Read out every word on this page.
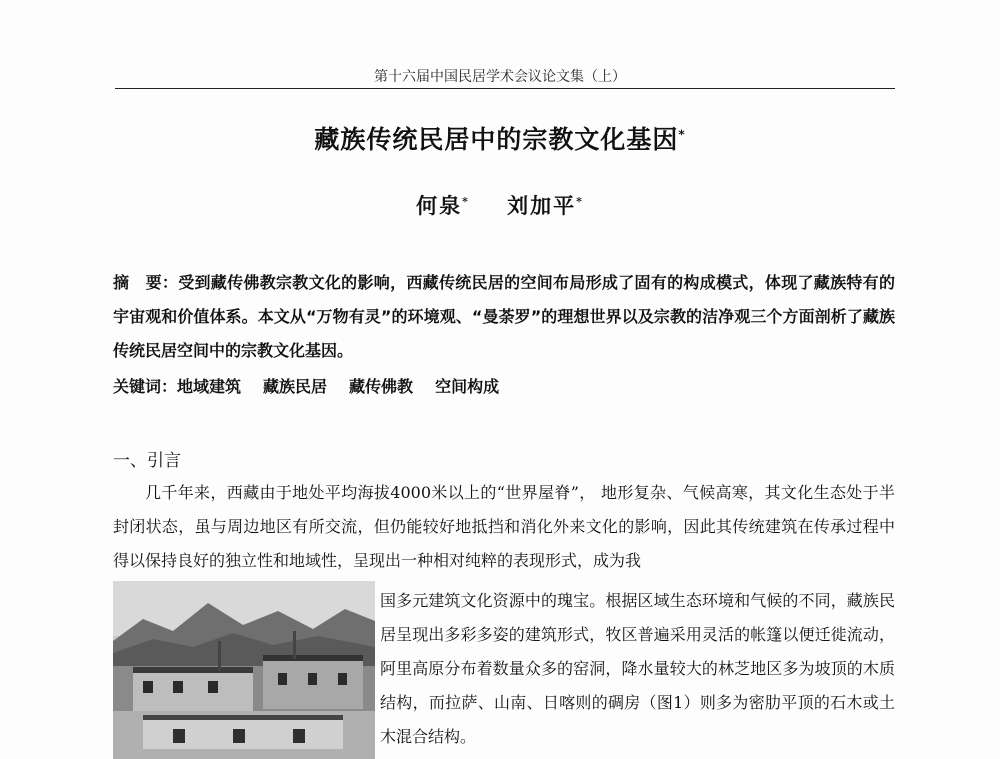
第十六届中国民居学术会议论文集（上）
藏族传统民居中的宗教文化基因*
何泉* 刘加平*
摘　要：受到藏传佛教宗教文化的影响，西藏传统民居的空间布局形成了固有的构成模式，体现了藏族特有的宇宙观和价值体系。本文从“万物有灵”的环境观、“曼荼罗”的理想世界以及宗教的洁净观三个方面剖析了藏族传统民居空间中的宗教文化基因。
关键词：地域建筑 藏族民居 藏传佛教 空间构成
一、引言
几千年来，西藏由于地处平均海拔4000米以上的“世界屋脊”， 地形复杂、气候高寒，其文化生态处于半封闭状态，虽与周边地区有所交流，但仍能较好地抵挡和消化外来文化的影响，因此其传统建筑在传承过程中得以保持良好的独立性和地域性，呈现出一种相对纯粹的表现形式，成为我
国多元建筑文化资源中的瑰宝。根据区域生态环境和气候的不同，藏族民居呈现出多彩多姿的建筑形式，牧区普遍采用灵活的帐篷以便迁徙流动，阿里高原分布着数量众多的窑洞，降水量较大的林芝地区多为坡顶的木质结构，而拉萨、山南、日喀则的碉房（图1）则多为密肋平顶的石木或土木混合结构。
